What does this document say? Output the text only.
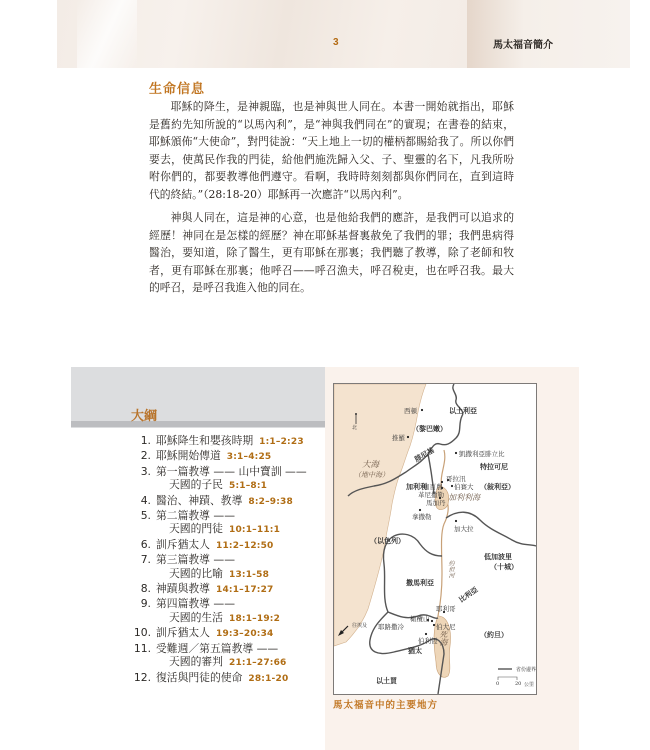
3	馬太福音簡介
生命信息

耶穌的降生，是神親臨，也是神與世人同在。本書一開始就指出，耶穌是舊約先知所說的“以馬內利”，是“神與我們同在”的實現；在書卷的結束，耶穌頒佈“大使命”，對門徒說：“天上地上一切的權柄都賜給我了。所以你們要去，使萬民作我的門徒，給他們施洗歸入父、子、聖靈的名下，凡我所吩咐你們的，都要教導他們遵守。看啊，我時時刻刻都與你們同在，直到這時代的終結。”（28:18-20）耶穌再一次應許“以馬內利”。

神與人同在，這是神的心意，也是他給我們的應許，是我們可以追求的經歷！神同在是怎樣的經歷？神在耶穌基督裏赦免了我們的罪；我們患病得醫治，要知道，除了醫生，更有耶穌在那裏；我們聽了教導，除了老師和牧者，更有耶穌在那裏；他呼召——呼召漁夫，呼召稅吏，也在呼召我。最大的呼召，是呼召我進入他的同在。

大綱
1. 耶穌降生和嬰孩時期 1:1–2:23
2. 耶穌開始傳道 3:1–4:25
3. 第一篇教導 —— 山中寶訓 ——
天國的子民 5:1–8:1
4. 醫治、神蹟、教導 8:2–9:38
5. 第二篇教導 ——
天國的門徒 10:1–11:1
6. 訓斥猶太人 11:2–12:50
7. 第三篇教導 ——
天國的比喻 13:1-58
8. 神蹟與教導 14:1–17:27
9. 第四篇教導 ——
天國的生活 18:1–19:2
10. 訓斥猶太人 19:3–20:34
11. 受難週／第五篇教導 ——
天國的審判 21:1–27:66
12. 復活與門徒的使命 28:1-20
北
西頓	以土利亞
（黎巴嫩）
推羅
凱撒利亞腓立比
腓尼基
特拉可尼
大海
（地中海）
加利利	（敍利亞）
哥拉汛
迦百農 伯賽大
革尼撒勒 加利利海
馬加丹
拿撒勒
加大拉
（以色列）
低加波里
（十城）
撒馬利亞
約但河
比利亞
耶利哥
橄欖山
耶路撒冷	伯大尼
伯利恆 死海	（約旦）
猶太
往埃及
以土買
省份邊界
0	20 公里
馬太福音中的主要地方
